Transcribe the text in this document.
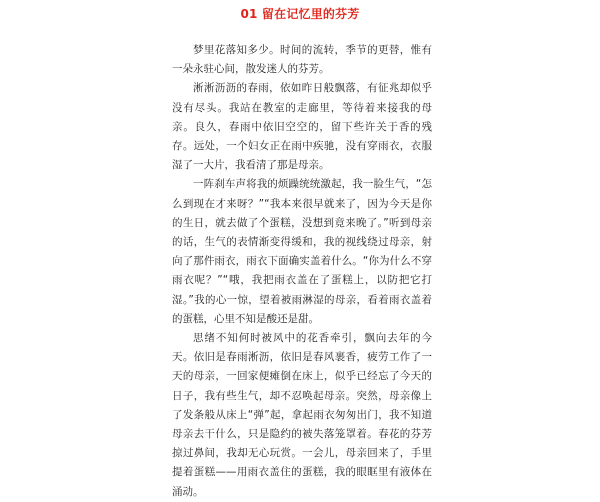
01 留在记忆里的芬芳

梦里花落知多少。时间的流转，季节的更替，惟有一朵永驻心间，散发迷人的芬芳。

淅淅沥沥的春雨，依如昨日般飘落，有征兆却似乎没有尽头。我站在教室的走廊里，等待着来接我的母亲。良久，春雨中依旧空空的，留下些许关于香的残存。远处，一个妇女正在雨中疾驰，没有穿雨衣，衣服湿了一大片，我看清了那是母亲。

一阵刹车声将我的烦躁统统激起，我一脸生气，“怎么到现在才来呀？”“我本来很早就来了，因为今天是你的生日，就去做了个蛋糕，没想到竟来晚了。”听到母亲的话，生气的表情渐变得缓和，我的视线绕过母亲，射向了那件雨衣，雨衣下面确实盖着什么。“你为什么不穿雨衣呢？”“哦，我把雨衣盖在了蛋糕上，以防把它打湿。”我的心一惊，望着被雨淋湿的母亲，看着雨衣盖着的蛋糕，心里不知是酸还是甜。

思绪不知何时被风中的花香牵引，飘向去年的今天。依旧是春雨淅沥，依旧是春风裹香，疲劳工作了一天的母亲，一回家便瘫倒在床上，似乎已经忘了今天的日子，我有些生气，却不忍唤起母亲。突然，母亲像上了发条般从床上“弹”起，拿起雨衣匆匆出门，我不知道母亲去干什么，只是隐约的被失落笼罩着。春花的芬芳掠过鼻间，我却无心玩赏。一会儿，母亲回来了，手里提着蛋糕——用雨衣盖住的蛋糕，我的眼眶里有液体在涌动。
